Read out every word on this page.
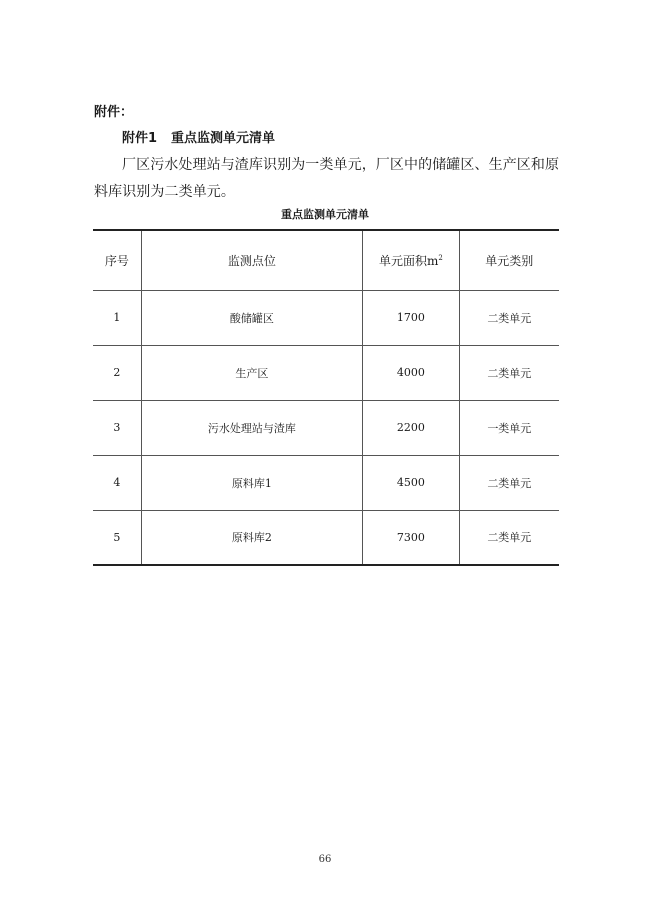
附件：
附件1 重点监测单元清单
厂区污水处理站与渣库识别为一类单元，厂区中的储罐区、生产区和原料库识别为二类单元。
重点监测单元清单
序号	监测点位	单元面积$m^2$	单元类别
1	酸储罐区	1700	二类单元
2	生产区	4000	二类单元
3	污水处理站与渣库	2200	一类单元
4	原料库1	4500	二类单元
5	原料库2	7300	二类单元
66
